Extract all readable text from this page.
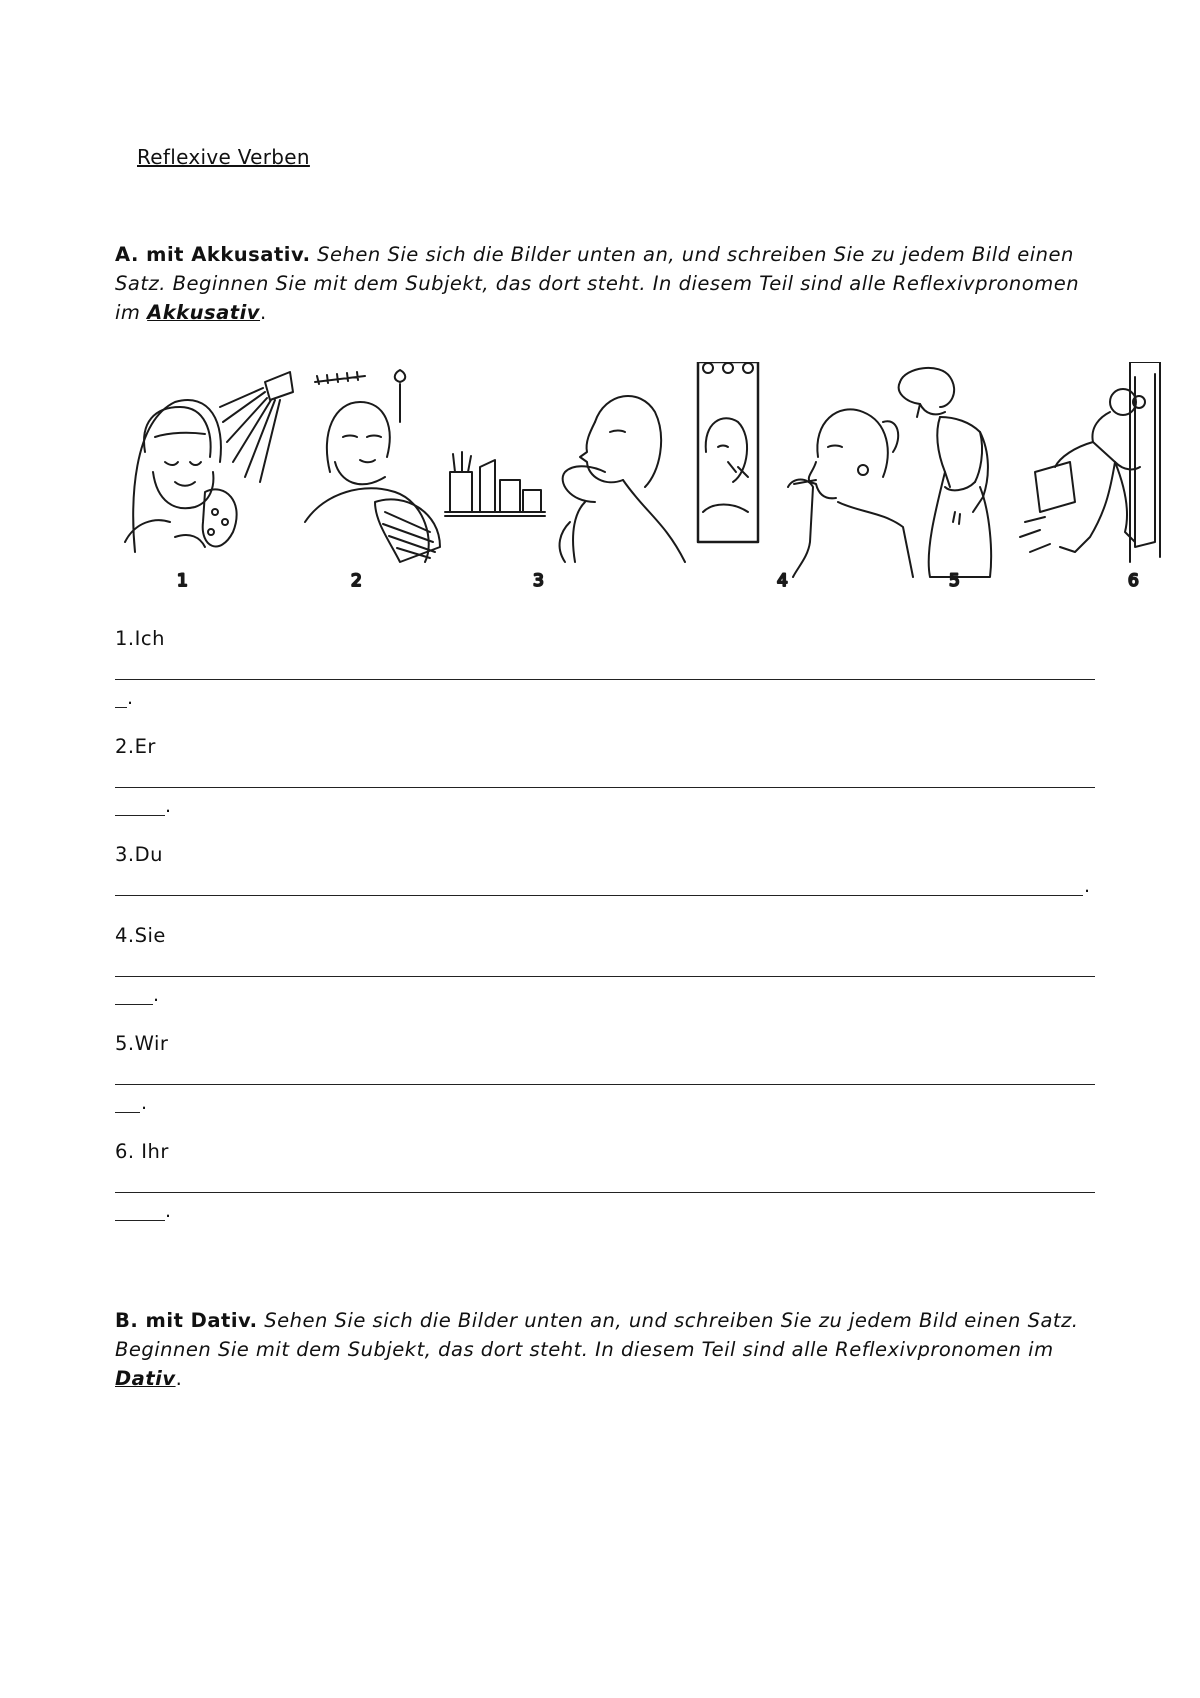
Reflexive Verben
A. mit Akkusativ. Sehen Sie sich die Bilder unten an, und schreiben Sie zu jedem Bild einen Satz. Beginnen Sie mit dem Subjekt, das dort steht. In diesem Teil sind alle Reflexivpronomen im Akkusativ.
1	2	3	4	5	6
1.Ich
.
2.Er
.
3.Du
.
4.Sie
.
5.Wir
.
6. Ihr
.
B. mit Dativ. Sehen Sie sich die Bilder unten an, und schreiben Sie zu jedem Bild einen Satz. Beginnen Sie mit dem Subjekt, das dort steht. In diesem Teil sind alle Reflexivpronomen im Dativ.
